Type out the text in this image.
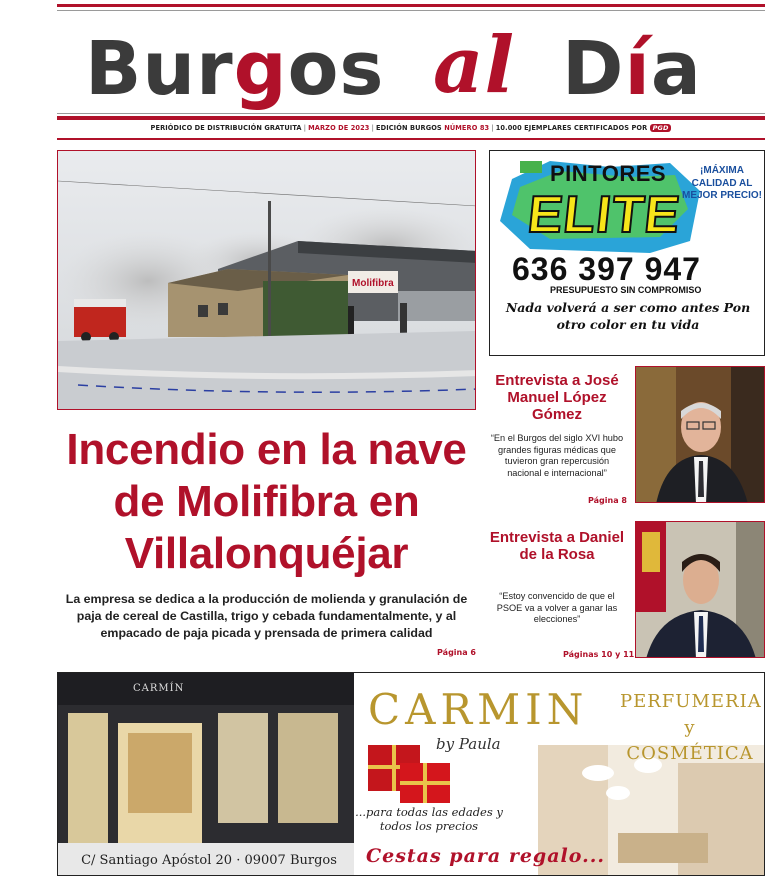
Burgos al Día
PERIÓDICO DE DISTRIBUCIÓN GRATUITA | MARZO DE 2023 | EDICIÓN BURGOS NÚMERO 83 | 10.000 EJEMPLARES CERTIFICADOS POR PGD
Molifibra
Incendio en la nave de Molifibra en Villalonquéjar
La empresa se dedica a la producción de molienda y granulación de paja de cereal de Castilla, trigo y cebada fundamentalmente, y al empacado de paja picada y prensada de primera calidad
Página 6
PINTORES
ELITE
¡MÁXIMA CALIDAD AL MEJOR PRECIO!
636 397 947
PRESUPUESTO SIN COMPROMISO
Nada volverá a ser como antes Pon otro color en tu vida
Entrevista a José Manuel López Gómez
“En el Burgos del siglo XVI hubo grandes figuras médicas que tuvieron gran repercusión nacional e internacional”
Página 8
Entrevista a Daniel de la Rosa
“Estoy convencido de que el PSOE va a volver a ganar las elecciones”
Páginas 10 y 11
CARMÍN	CARMIN
by Paula
PERFUMERIA
y COSMÉTICA
...para todas las edades y todos los precios
Cestas para regalo...
C/ Santiago Apóstol 20 · 09007 Burgos
